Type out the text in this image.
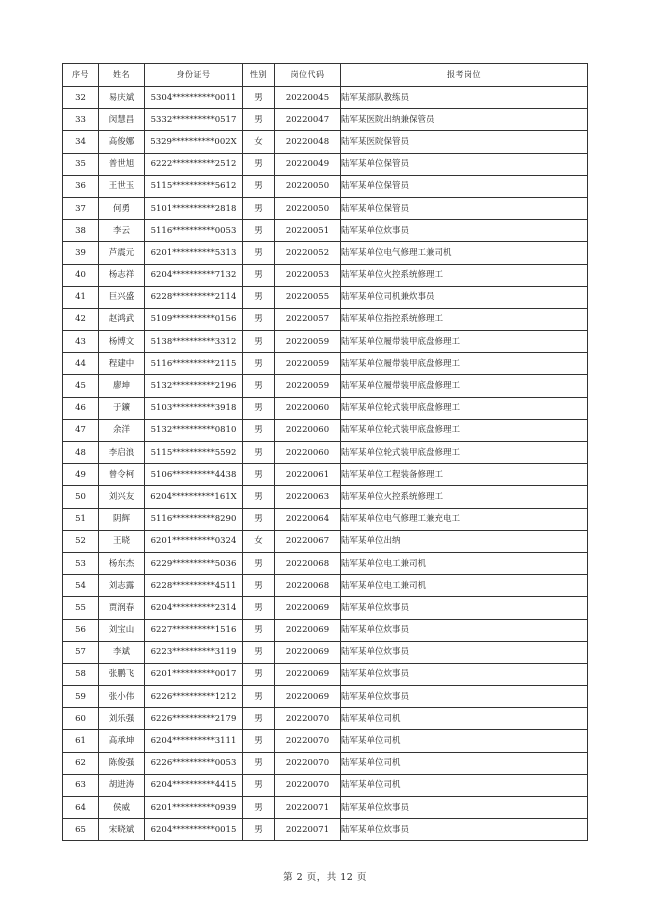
序号	姓名	身份证号	性别	岗位代码	报考岗位
32	易庆斌	5304**********0011	男	20220045	陆军某部队教练员
33	闵慧昌	5332**********0517	男	20220047	陆军某医院出纳兼保管员
34	高俊娜	5329**********002X	女	20220048	陆军某医院保管员
35	普世旭	6222**********2512	男	20220049	陆军某单位保管员
36	王世玉	5115**********5612	男	20220050	陆军某单位保管员
37	何勇	5101**********2818	男	20220050	陆军某单位保管员
38	李云	5116**********0053	男	20220051	陆军某单位炊事员
39	芦震元	6201**********5313	男	20220052	陆军某单位电气修理工兼司机
40	杨志祥	6204**********7132	男	20220053	陆军某单位火控系统修理工
41	巨兴盛	6228**********2114	男	20220055	陆军某单位司机兼炊事员
42	赵鸿武	5109**********0156	男	20220057	陆军某单位指控系统修理工
43	杨博文	5138**********3312	男	20220059	陆军某单位履带装甲底盘修理工
44	程建中	5116**********2115	男	20220059	陆军某单位履带装甲底盘修理工
45	廖坤	5132**********2196	男	20220059	陆军某单位履带装甲底盘修理工
46	于鑛	5103**********3918	男	20220060	陆军某单位轮式装甲底盘修理工
47	余洋	5132**********0810	男	20220060	陆军某单位轮式装甲底盘修理工
48	李启浪	5115**********5592	男	20220060	陆军某单位轮式装甲底盘修理工
49	曾令柯	5106**********4438	男	20220061	陆军某单位工程装备修理工
50	刘兴友	6204**********161X	男	20220063	陆军某单位火控系统修理工
51	阴辉	5116**********8290	男	20220064	陆军某单位电气修理工兼充电工
52	王晓	6201**********0324	女	20220067	陆军某单位出纳
53	杨东杰	6229**********5036	男	20220068	陆军某单位电工兼司机
54	刘志露	6228**********4511	男	20220068	陆军某单位电工兼司机
55	贾润春	6204**********2314	男	20220069	陆军某单位炊事员
56	刘宝山	6227**********1516	男	20220069	陆军某单位炊事员
57	李斌	6223**********3119	男	20220069	陆军某单位炊事员
58	张鹏飞	6201**********0017	男	20220069	陆军某单位炊事员
59	张小伟	6226**********1212	男	20220069	陆军某单位炊事员
60	刘乐强	6226**********2179	男	20220070	陆军某单位司机
61	高承坤	6204**********3111	男	20220070	陆军某单位司机
62	陈俊强	6226**********0053	男	20220070	陆军某单位司机
63	胡进涛	6204**********4415	男	20220070	陆军某单位司机
64	侯威	6201**********0939	男	20220071	陆军某单位炊事员
65	宋晓斌	6204**********0015	男	20220071	陆军某单位炊事员
第 2 页，共 12 页
